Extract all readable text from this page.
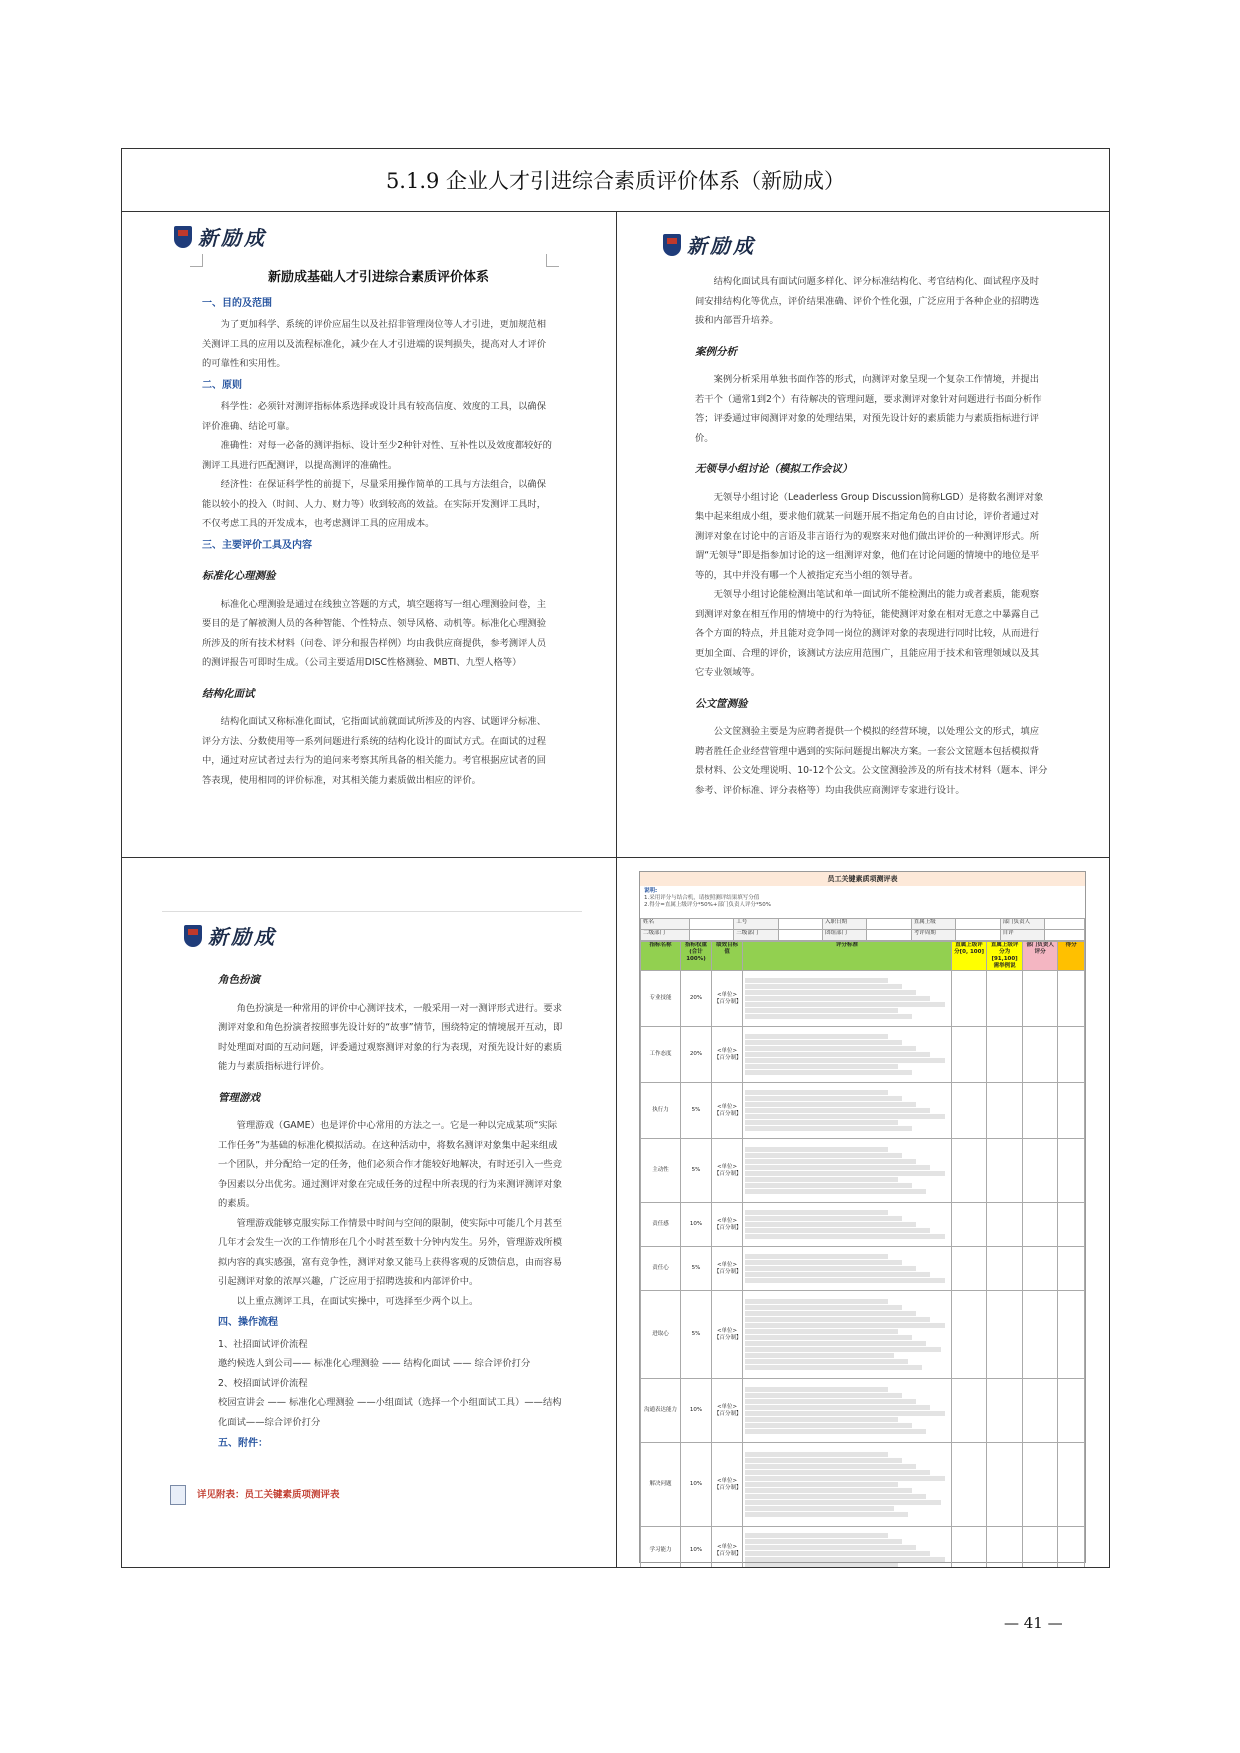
5.1.9 企业人才引进综合素质评价体系（新励成）
新励成

新励成基础人才引进综合素质评价体系

一、目的及范围

为了更加科学、系统的评价应届生以及社招非管理岗位等人才引进，更加规范相关测评工具的应用以及流程标准化，减少在人才引进端的误判损失，提高对人才评价的可靠性和实用性。

二、原则

科学性：必须针对测评指标体系选择或设计具有较高信度、效度的工具，以确保评价准确、结论可靠。

准确性：对每一必备的测评指标、设计至少2种针对性、互补性以及效度都较好的测评工具进行匹配测评，以提高测评的准确性。

经济性：在保证科学性的前提下，尽量采用操作简单的工具与方法组合，以确保能以较小的投入（时间、人力、财力等）收到较高的效益。在实际开发测评工具时，不仅考虑工具的开发成本，也考虑测评工具的应用成本。

三、主要评价工具及内容

标准化心理测验

标准化心理测验是通过在线独立答题的方式，填空题将写一组心理测验问卷，主要目的是了解被测人员的各种智能、个性特点、领导风格、动机等。标准化心理测验所涉及的所有技术材料（问卷、评分和报告样例）均由我供应商提供，参考测评人员的测评报告可即时生成。（公司主要适用DISC性格测验、MBTI、九型人格等）

结构化面试

结构化面试又称标准化面试，它指面试前就面试所涉及的内容、试题评分标准、评分方法、分数使用等一系列问题进行系统的结构化设计的面试方式。在面试的过程中，通过对应试者过去行为的追问来考察其所具备的相关能力。考官根据应试者的回答表现，使用相同的评价标准，对其相关能力素质做出相应的评价。

新励成

结构化面试具有面试问题多样化、评分标准结构化、考官结构化、面试程序及时间安排结构化等优点，评价结果准确、评价个性化强，广泛应用于各种企业的招聘选拔和内部晋升培养。

案例分析

案例分析采用单独书面作答的形式，向测评对象呈现一个复杂工作情境，并提出若干个（通常1到2个）有待解决的管理问题，要求测评对象针对问题进行书面分析作答；评委通过审阅测评对象的处理结果，对预先设计好的素质能力与素质指标进行评价。

无领导小组讨论（模拟工作会议）

无领导小组讨论（Leaderless Group Discussion简称LGD）是将数名测评对象集中起来组成小组，要求他们就某一问题开展不指定角色的自由讨论，评价者通过对测评对象在讨论中的言语及非言语行为的观察来对他们做出评价的一种测评形式。所谓“无领导”即是指参加讨论的这一组测评对象，他们在讨论问题的情境中的地位是平等的，其中并没有哪一个人被指定充当小组的领导者。

无领导小组讨论能检测出笔试和单一面试所不能检测出的能力或者素质，能观察到测评对象在相互作用的情境中的行为特征，能使测评对象在相对无意之中暴露自己各个方面的特点，并且能对竞争同一岗位的测评对象的表现进行同时比较，从而进行更加全面、合理的评价，该测试方法应用范围广，且能应用于技术和管理领域以及其它专业领域等。

公文筐测验

公文筐测验主要是为应聘者提供一个模拟的经营环境，以处理公文的形式，填应聘者胜任企业经营管理中遇到的实际问题提出解决方案。一套公文筐题本包括模拟背景材料、公文处理说明、10-12个公文。公文筐测验涉及的所有技术材料（题本、评分参考、评价标准、评分表格等）均由我供应商测评专家进行设计。

新励成

角色扮演

角色扮演是一种常用的评价中心测评技术，一般采用一对一测评形式进行。要求测评对象和角色扮演者按照事先设计好的“故事”情节，围绕特定的情境展开互动，即时处理面对面的互动问题，评委通过观察测评对象的行为表现，对预先设计好的素质能力与素质指标进行评价。

管理游戏

管理游戏（GAME）也是评价中心常用的方法之一。它是一种以完成某项“实际工作任务”为基础的标准化模拟活动。在这种活动中，将数名测评对象集中起来组成一个团队，并分配给一定的任务，他们必须合作才能较好地解决，有时还引入一些竞争因素以分出优劣。通过测评对象在完成任务的过程中所表现的行为来测评测评对象的素质。

管理游戏能够克服实际工作情景中时间与空间的限制，使实际中可能几个月甚至几年才会发生一次的工作情形在几个小时甚至数十分钟内发生。另外，管理游戏所模拟内容的真实感强，富有竞争性，测评对象又能马上获得客观的反馈信息，由而容易引起测评对象的浓厚兴趣，广泛应用于招聘选拔和内部评价中。

以上重点测评工具，在面试实操中，可选择至少两个以上。

四、操作流程

1、社招面试评价流程

邀约候选人到公司—— 标准化心理测验 —— 结构化面试 —— 综合评价打分

2、校招面试评价流程

校园宣讲会 —— 标准化心理测验 ——小组面试（选择一个小组面试工具）——结构

化面试——综合评价打分

五、附件：

详见附表：员工关键素质项测评表
员工关键素质项测评表
说明:
1.采用评分与结合机，请按照测评结果填写分值
2.得分=直属上级评分*50%+部门负责人评分*50%
姓名		工号		入职日期		直属上级		部门负责人	
二级部门		三级部门		团组部门		考评周期		自评	
指标名称	指标权重(合计100%)	绩效目标值	评分标准	直属上级评分[0, 100]	直属上级评分为[91,100]需举例说	部门负责人评分	得分
专业技能	20%	<单位>【百分制】	

工作态度	20%	<单位>【百分制】	

执行力	5%	<单位>【百分制】	

主动性	5%	<单位>【百分制】	

责任感	10%	<单位>【百分制】	

责任心	5%	<单位>【百分制】	

进取心	5%	<单位>【百分制】	

沟通表达能力	10%	<单位>【百分制】	

解决问题	10%	<单位>【百分制】	

学习能力	10%	<单位>【百分制】	

— 41 —
